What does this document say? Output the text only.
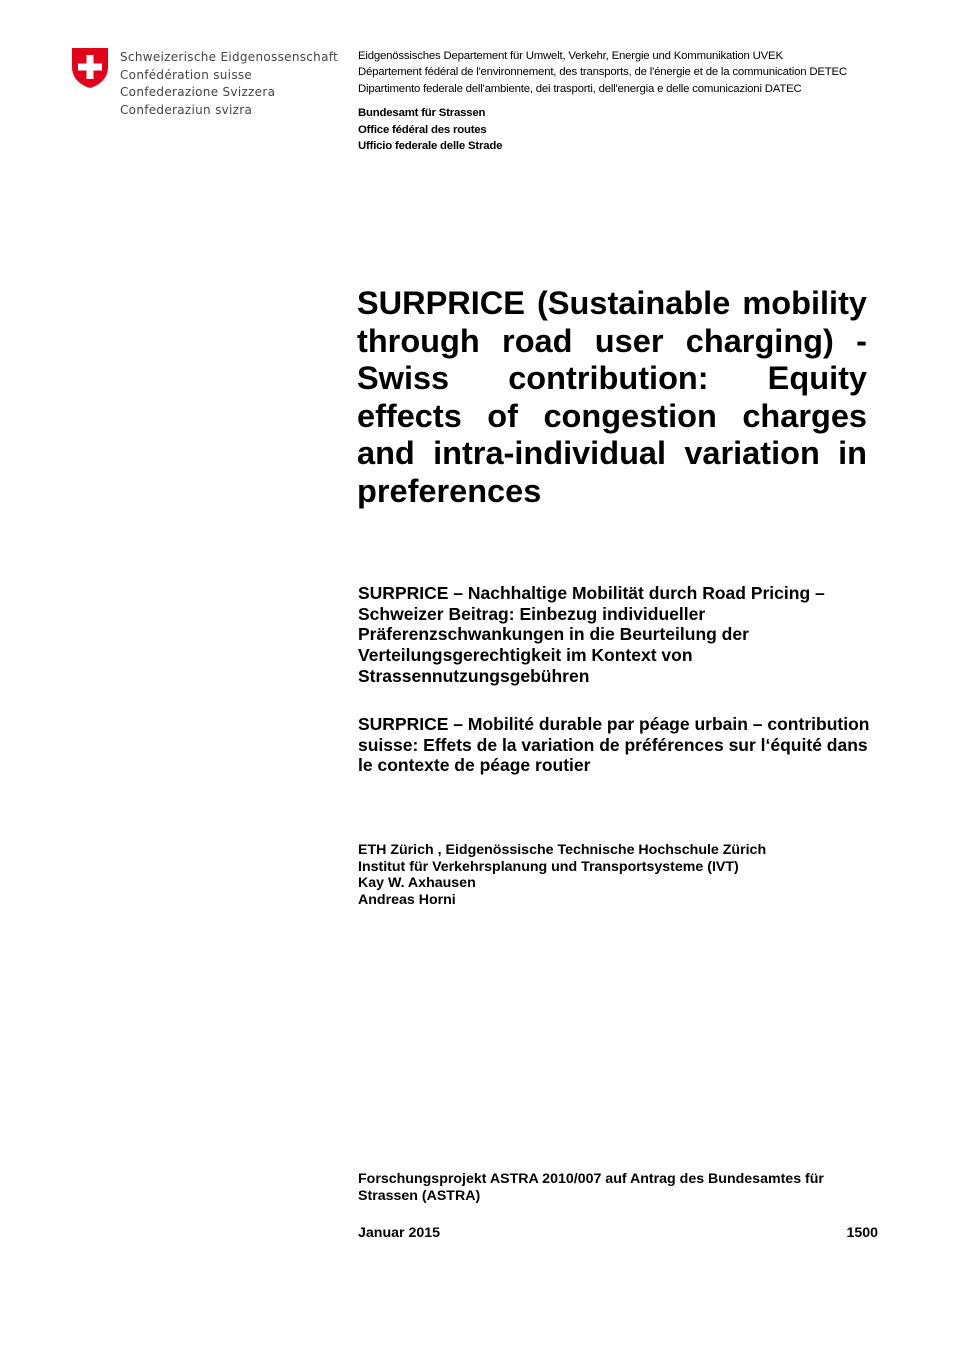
Schweizerische Eidgenossenschaft
Confédération suisse
Confederazione Svizzera
Confederaziun svizra
Eidgenössisches Departement für Umwelt, Verkehr, Energie und Kommunikation UVEK
Département fédéral de l'environnement, des transports, de l'énergie et de la communication DETEC
Dipartimento federale dell'ambiente, dei trasporti, dell'energia e delle comunicazioni DATEC
Bundesamt für Strassen
Office fédéral des routes
Ufficio federale delle Strade
SURPRICE (Sustainable mobility through road user charging) - Swiss contribution: Equity effects of congestion charges and intra-individual variation in preferences

SURPRICE – Nachhaltige Mobilität durch Road Pricing – Schweizer Beitrag: Einbezug individueller Präferenzschwankungen in die Beurteilung der Verteilungsgerechtigkeit im Kontext von Strassennutzungsgebühren

SURPRICE – Mobilité durable par péage urbain – contribution suisse: Effets de la variation de préférences sur l‘équité dans le contexte de péage routier

ETH Zürich , Eidgenössische Technische Hochschule Zürich
Institut für Verkehrsplanung und Transportsysteme (IVT)
Kay W. Axhausen
Andreas Horni

Forschungsprojekt ASTRA 2010/007 auf Antrag des Bundesamtes für Strassen (ASTRA)

Januar 2015	1500
